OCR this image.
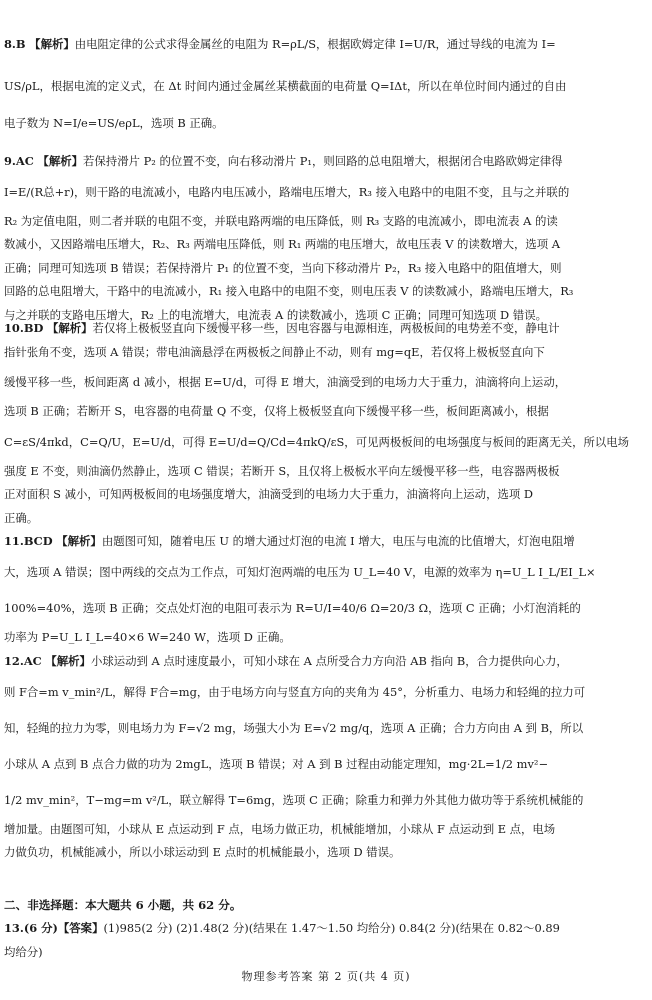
8.B 【解析】由电阻定律的公式求得金属丝的电阻为 R=ρL/S，根据欧姆定律 I=U/R，通过导线的电流为 I=
US/ρL，根据电流的定义式，在 Δt 时间内通过金属丝某横截面的电荷量 Q=IΔt，所以在单位时间内通过的自由
电子数为 N=I/e=US/eρL，选项 B 正确。
9.AC 【解析】若保持滑片 P₂ 的位置不变，向右移动滑片 P₁，则回路的总电阻增大，根据闭合电路欧姆定律得
I=E/(R总+r)，则干路的电流减小，电路内电压减小，路端电压增大，R₃ 接入电路中的电阻不变，且与之并联的
R₂ 为定值电阻，则二者并联的电阻不变，并联电路两端的电压降低，则 R₃ 支路的电流减小，即电流表 A 的读
数减小，又因路端电压增大，R₂、R₃ 两端电压降低，则 R₁ 两端的电压增大，故电压表 V 的读数增大，选项 A
正确；同理可知选项 B 错误；若保持滑片 P₁ 的位置不变，当向下移动滑片 P₂，R₃ 接入电路中的阻值增大，则
回路的总电阻增大，干路中的电流减小，R₁ 接入电路中的电阻不变，则电压表 V 的读数减小，路端电压增大，R₃
与之并联的支路电压增大，R₂ 上的电流增大，电流表 A 的读数减小，选项 C 正确；同理可知选项 D 错误。
10.BD 【解析】若仅将上极板竖直向下缓慢平移一些，因电容器与电源相连，两极板间的电势差不变，静电计
指针张角不变，选项 A 错误；带电油滴悬浮在两极板之间静止不动，则有 mg=qE，若仅将上极板竖直向下
缓慢平移一些，板间距离 d 减小，根据 E=U/d，可得 E 增大，油滴受到的电场力大于重力，油滴将向上运动，
选项 B 正确；若断开 S，电容器的电荷量 Q 不变，仅将上极板竖直向下缓慢平移一些，板间距离减小，根据
C=εS/4πkd，C=Q/U，E=U/d，可得 E=U/d=Q/Cd=4πkQ/εS，可见两极板间的电场强度与板间的距离无关，所以电场
强度 E 不变，则油滴仍然静止，选项 C 错误；若断开 S，且仅将上极板水平向左缓慢平移一些，电容器两极板
正对面积 S 减小，可知两极板间的电场强度增大，油滴受到的电场力大于重力，油滴将向上运动，选项 D
正确。
11.BCD 【解析】由题图可知，随着电压 U 的增大通过灯泡的电流 I 增大，电压与电流的比值增大，灯泡电阻增
大，选项 A 错误；图中两线的交点为工作点，可知灯泡两端的电压为 U_L=40 V，电源的效率为 η=U_L I_L/EI_L×
100%=40%，选项 B 正确；交点处灯泡的电阻可表示为 R=U/I=40/6 Ω=20/3 Ω，选项 C 正确；小灯泡消耗的
功率为 P=U_L I_L=40×6 W=240 W，选项 D 正确。
12.AC 【解析】小球运动到 A 点时速度最小，可知小球在 A 点所受合力方向沿 AB 指向 B，合力提供向心力，
则 F合=m v_min²/L，解得 F合=mg，由于电场方向与竖直方向的夹角为 45°，分析重力、电场力和轻绳的拉力可
知，轻绳的拉力为零，则电场力为 F=√2 mg，场强大小为 E=√2 mg/q，选项 A 正确；合力方向由 A 到 B，所以
小球从 A 点到 B 点合力做的功为 2mgL，选项 B 错误；对 A 到 B 过程由动能定理知，mg·2L=1/2 mv²−
1/2 mv_min²，T−mg=m v²/L，联立解得 T=6mg，选项 C 正确；除重力和弹力外其他力做功等于系统机械能的
增加量。由题图可知，小球从 E 点运动到 F 点，电场力做正功，机械能增加，小球从 F 点运动到 E 点，电场
力做负功，机械能减小，所以小球运动到 E 点时的机械能最小，选项 D 错误。
二、非选择题：本大题共 6 小题，共 62 分。
13.(6 分)【答案】(1)985(2 分) (2)1.48(2 分)(结果在 1.47～1.50 均给分) 0.84(2 分)(结果在 0.82～0.89
均给分)
物理参考答案 第 2 页(共 4 页)
